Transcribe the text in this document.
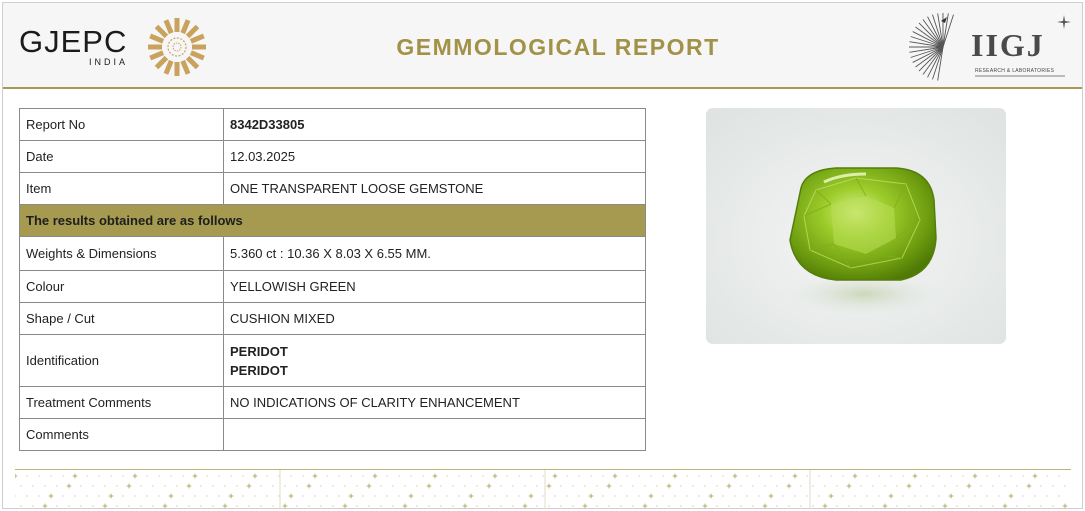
GJEPC
INDIA
GEMMOLOGICAL REPORT	IIGJ
RESEARCH & LABORATORIES
Report No	8342D33805
Date	12.03.2025
Item	ONE TRANSPARENT LOOSE GEMSTONE
The results obtained are as follows	
Weights & Dimensions	5.360 ct : 10.36 X 8.03 X 6.55 MM.
Colour	YELLOWISH GREEN
Shape / Cut	CUSHION MIXED
Identification	PERIDOT
PERIDOT

Treatment Comments	NO INDICATIONS OF CLARITY ENHANCEMENT
Comments	
